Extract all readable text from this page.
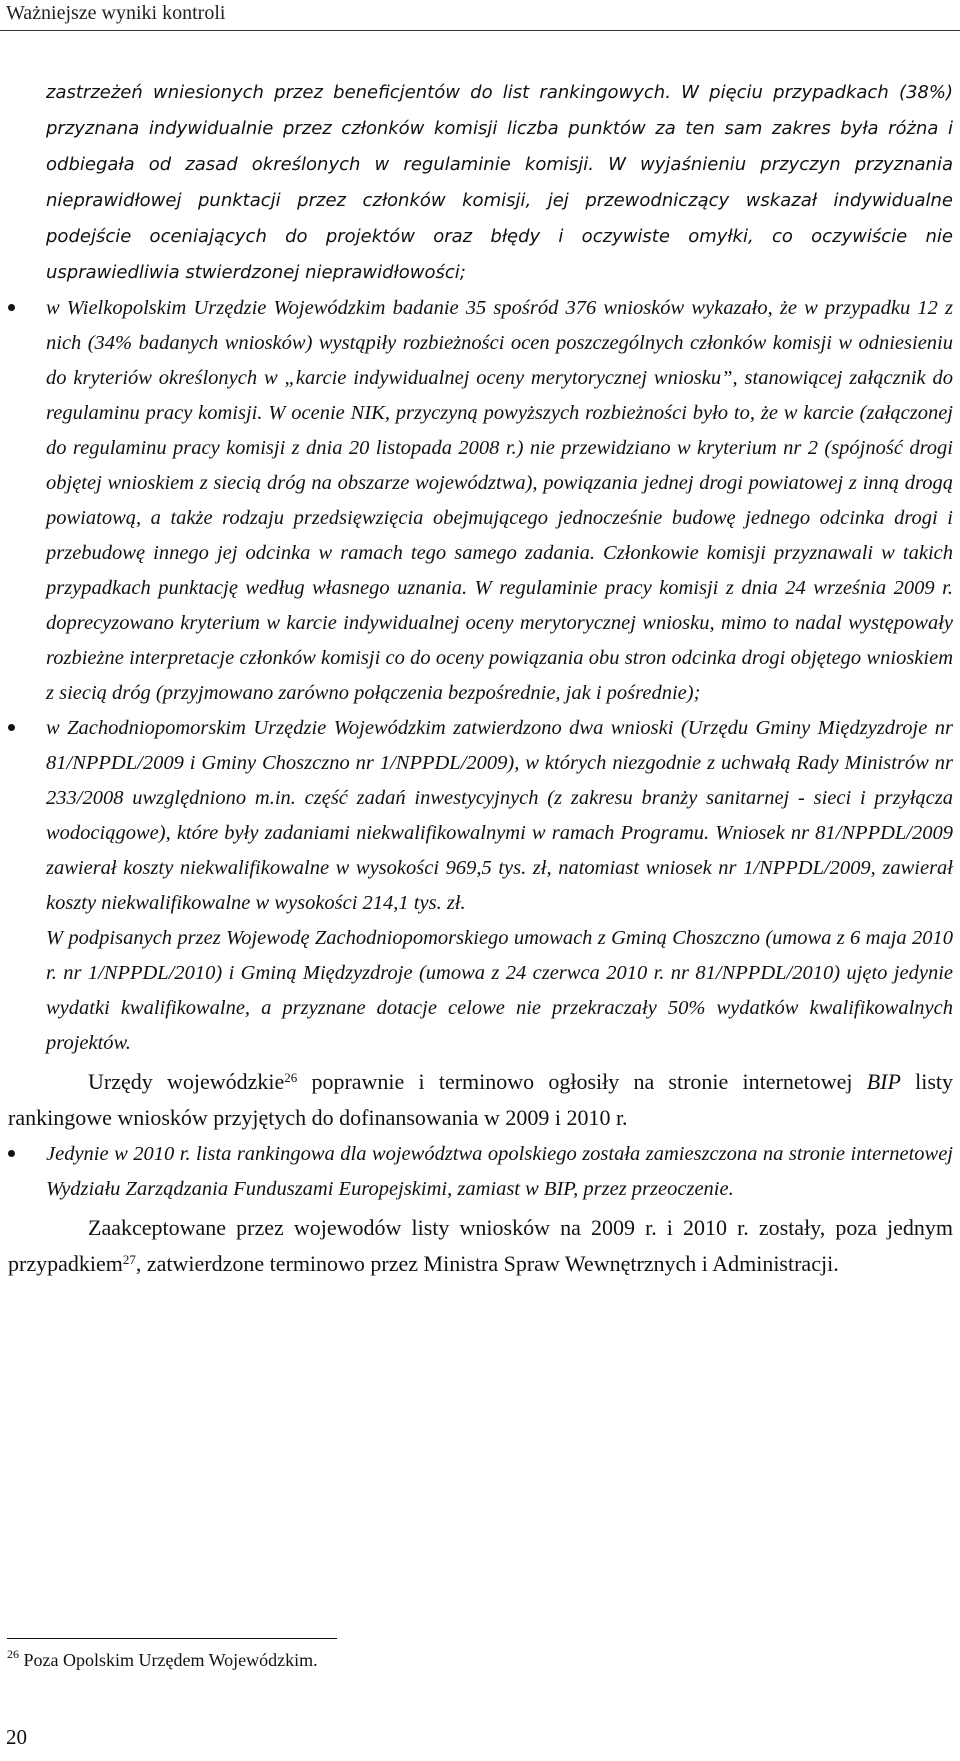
Ważniejsze wyniki kontroli

zastrzeżeń wniesionych przez beneficjentów do list rankingowych. W pięciu przypadkach (38%) przyznana indywidualnie przez członków komisji liczba punktów za ten sam zakres była różna i odbiegała od zasad określonych w regulaminie komisji. W wyjaśnieniu przyczyn przyznania nieprawidłowej punktacji przez członków komisji, jej przewodniczący wskazał indywidualne podejście oceniających do projektów oraz błędy i oczywiste omyłki, co oczywiście nie usprawiedliwia stwierdzonej nieprawidłowości;

w Wielkopolskim Urzędzie Wojewódzkim badanie 35 spośród 376 wniosków wykazało, że w przypadku 12 z nich (34% badanych wniosków) wystąpiły rozbieżności ocen poszczególnych członków komisji w odniesieniu do kryteriów określonych w „karcie indywidualnej oceny merytorycznej wniosku”, stanowiącej załącznik do regulaminu pracy komisji. W ocenie NIK, przyczyną powyższych rozbieżności było to, że w karcie (załączonej do regulaminu pracy komisji z dnia 20 listopada 2008 r.) nie przewidziano w kryterium nr 2 (spójność drogi objętej wnioskiem z siecią dróg na obszarze województwa), powiązania jednej drogi powiatowej z inną drogą powiatową, a także rodzaju przedsięwzięcia obejmującego jednocześnie budowę jednego odcinka drogi i przebudowę innego jej odcinka w ramach tego samego zadania. Członkowie komisji przyznawali w takich przypadkach punktację według własnego uznania. W regulaminie pracy komisji z dnia 24 września 2009 r. doprecyzowano kryterium w karcie indywidualnej oceny merytorycznej wniosku, mimo to nadal występowały rozbieżne interpretacje członków komisji co do oceny powiązania obu stron odcinka drogi objętego wnioskiem z siecią dróg (przyjmowano zarówno połączenia bezpośrednie, jak i pośrednie);
w Zachodniopomorskim Urzędzie Wojewódzkim zatwierdzono dwa wnioski (Urzędu Gminy Międzyzdroje nr 81/NPPDL/2009 i Gminy Choszczno nr 1/NPPDL/2009), w których niezgodnie z uchwałą Rady Ministrów nr 233/2008 uwzględniono m.in. część zadań inwestycyjnych (z zakresu branży sanitarnej - sieci i przyłącza wodociągowe), które były zadaniami niekwalifikowalnymi w ramach Programu. Wniosek nr 81/NPPDL/2009 zawierał koszty niekwalifikowalne w wysokości 969,5 tys. zł, natomiast wniosek nr 1/NPPDL/2009, zawierał koszty niekwalifikowalne w wysokości 214,1 tys. zł.
W podpisanych przez Wojewodę Zachodniopomorskiego umowach z Gminą Choszczno (umowa z 6 maja 2010 r. nr 1/NPPDL/2010) i Gminą Międzyzdroje (umowa z 24 czerwca 2010 r. nr 81/NPPDL/2010) ujęto jedynie wydatki kwalifikowalne, a przyznane dotacje celowe nie przekraczały 50% wydatków kwalifikowalnych projektów.

Urzędy wojewódzkie$^{26}$ poprawnie i terminowo ogłosiły na stronie internetowej BIP listy rankingowe wniosków przyjętych do dofinansowania w 2009 i 2010 r.

Jedynie w 2010 r. lista rankingowa dla województwa opolskiego została zamieszczona na stronie internetowej Wydziału Zarządzania Funduszami Europejskimi, zamiast w BIP, przez przeoczenie.

Zaakceptowane przez wojewodów listy wniosków na 2009 r. i 2010 r. zostały, poza jednym przypadkiem$^{27}$, zatwierdzone terminowo przez Ministra Spraw Wewnętrznych i Administracji.

$^{26}$ Poza Opolskim Urzędem Wojewódzkim.
20
